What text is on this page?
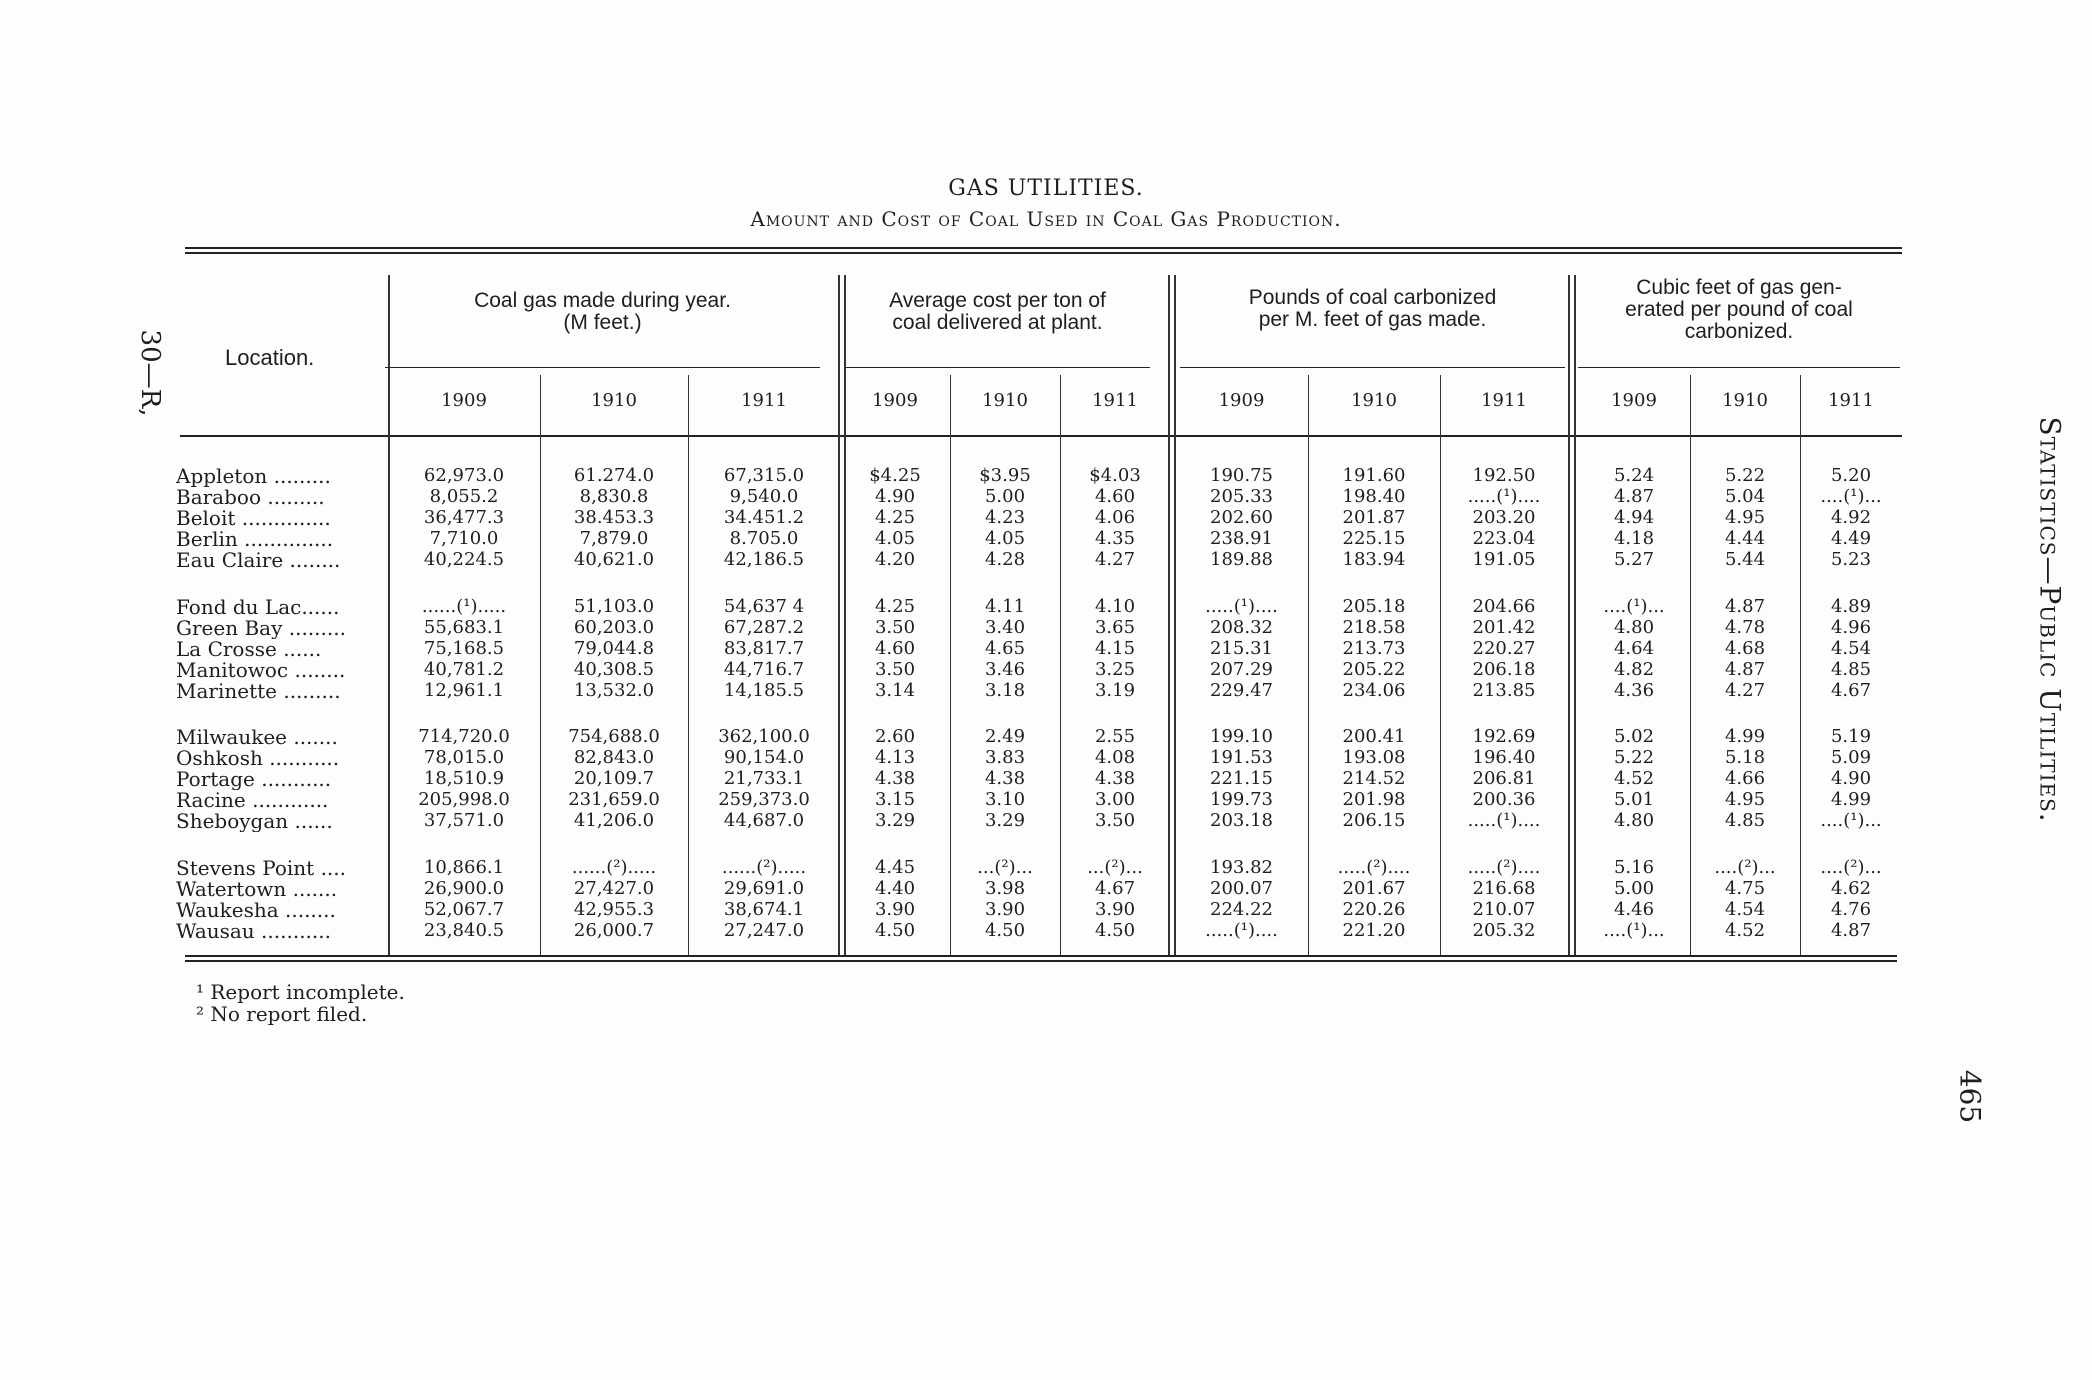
GAS UTILITIES.
Amount and Cost of Coal Used in Coal Gas Production.
30—R,
Statistics—Public Utilities.
465
Location.
Coal gas made during year.
(M feet.)
1909	1910	1911
Average cost per ton of
coal delivered at plant.
1909	1910	1911
Pounds of coal carbonized
per M. feet of gas made.
1909	1910	1911
Cubic feet of gas gen-
erated per pound of coal
carbonized.
1909	1910	1911
Appleton .........	62,973.0	61.274.0	67,315.0	$4.25	$3.95	$4.03	190.75	191.60	192.50	5.24	5.22	5.20
Baraboo .........	8,055.2	8,830.8	9,540.0	4.90	5.00	4.60	205.33	198.40	.....(¹)....	4.87	5.04	....(¹)...
Beloit ..............	36,477.3	38.453.3	34.451.2	4.25	4.23	4.06	202.60	201.87	203.20	4.94	4.95	4.92
Berlin ..............	7,710.0	7,879.0	8.705.0	4.05	4.05	4.35	238.91	225.15	223.04	4.18	4.44	4.49
Eau Claire ........	40,224.5	40,621.0	42,186.5	4.20	4.28	4.27	189.88	183.94	191.05	5.27	5.44	5.23
Fond du Lac......	......(¹).....	51,103.0	54,637 4	4.25	4.11	4.10	.....(¹)....	205.18	204.66	....(¹)...	4.87	4.89
Green Bay .........	55,683.1	60,203.0	67,287.2	3.50	3.40	3.65	208.32	218.58	201.42	4.80	4.78	4.96
La Crosse ......	75,168.5	79,044.8	83,817.7	4.60	4.65	4.15	215.31	213.73	220.27	4.64	4.68	4.54
Manitowoc ........	40,781.2	40,308.5	44,716.7	3.50	3.46	3.25	207.29	205.22	206.18	4.82	4.87	4.85
Marinette .........	12,961.1	13,532.0	14,185.5	3.14	3.18	3.19	229.47	234.06	213.85	4.36	4.27	4.67
Milwaukee .......	714,720.0	754,688.0	362,100.0	2.60	2.49	2.55	199.10	200.41	192.69	5.02	4.99	5.19
Oshkosh ...........	78,015.0	82,843.0	90,154.0	4.13	3.83	4.08	191.53	193.08	196.40	5.22	5.18	5.09
Portage ...........	18,510.9	20,109.7	21,733.1	4.38	4.38	4.38	221.15	214.52	206.81	4.52	4.66	4.90
Racine ............	205,998.0	231,659.0	259,373.0	3.15	3.10	3.00	199.73	201.98	200.36	5.01	4.95	4.99
Sheboygan ......	37,571.0	41,206.0	44,687.0	3.29	3.29	3.50	203.18	206.15	.....(¹)....	4.80	4.85	....(¹)...
Stevens Point ....	10,866.1	......(²).....	......(²).....	4.45	...(²)...	...(²)...	193.82	.....(²)....	.....(²)....	5.16	....(²)...	....(²)...
Watertown .......	26,900.0	27,427.0	29,691.0	4.40	3.98	4.67	200.07	201.67	216.68	5.00	4.75	4.62
Waukesha ........	52,067.7	42,955.3	38,674.1	3.90	3.90	3.90	224.22	220.26	210.07	4.46	4.54	4.76
Wausau ...........	23,840.5	26,000.7	27,247.0	4.50	4.50	4.50	.....(¹)....	221.20	205.32	....(¹)...	4.52	4.87
¹ Report incomplete.
² No report filed.
